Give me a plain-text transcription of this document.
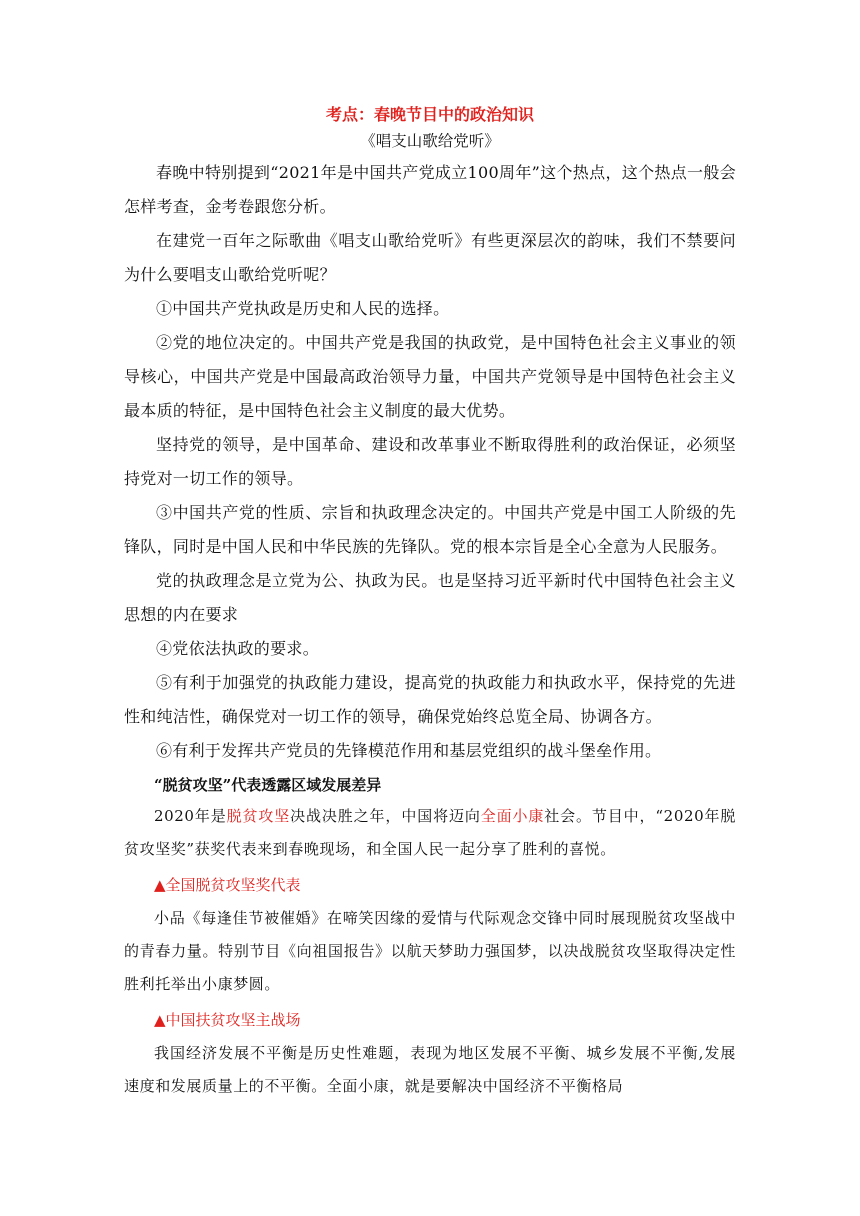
考点：春晚节目中的政治知识

《唱支山歌给党听》

春晚中特别提到“2021年是中国共产党成立100周年”这个热点，这个热点一般会怎样考查，金考卷跟您分析。

在建党一百年之际歌曲《唱支山歌给党听》有些更深层次的韵味，我们不禁要问为什么要唱支山歌给党听呢？

①中国共产党执政是历史和人民的选择。

②党的地位决定的。中国共产党是我国的执政党，是中国特色社会主义事业的领导核心，中国共产党是中国最高政治领导力量，中国共产党领导是中国特色社会主义最本质的特征，是中国特色社会主义制度的最大优势。

坚持党的领导，是中国革命、建设和改革事业不断取得胜利的政治保证，必须坚持党对一切工作的领导。

③中国共产党的性质、宗旨和执政理念决定的。中国共产党是中国工人阶级的先锋队，同时是中国人民和中华民族的先锋队。党的根本宗旨是全心全意为人民服务。

党的执政理念是立党为公、执政为民。也是坚持习近平新时代中国特色社会主义思想的内在要求

④党依法执政的要求。

⑤有利于加强党的执政能力建设，提高党的执政能力和执政水平，保持党的先进性和纯洁性，确保党对一切工作的领导，确保党始终总览全局、协调各方。

⑥有利于发挥共产党员的先锋模范作用和基层党组织的战斗堡垒作用。

“脱贫攻坚”代表透露区域发展差异

2020年是脱贫攻坚决战决胜之年，中国将迈向全面小康社会。节目中，“2020年脱贫攻坚奖”获奖代表来到春晚现场，和全国人民一起分享了胜利的喜悦。

▲全国脱贫攻坚奖代表

小品《每逢佳节被催婚》在啼笑因缘的爱情与代际观念交锋中同时展现脱贫攻坚战中的青春力量。特别节目《向祖国报告》以航天梦助力强国梦，以决战脱贫攻坚取得决定性胜利托举出小康梦圆。

▲中国扶贫攻坚主战场

我国经济发展不平衡是历史性难题，表现为地区发展不平衡、城乡发展不平衡,发展速度和发展质量上的不平衡。全面小康，就是要解决中国经济不平衡格局
